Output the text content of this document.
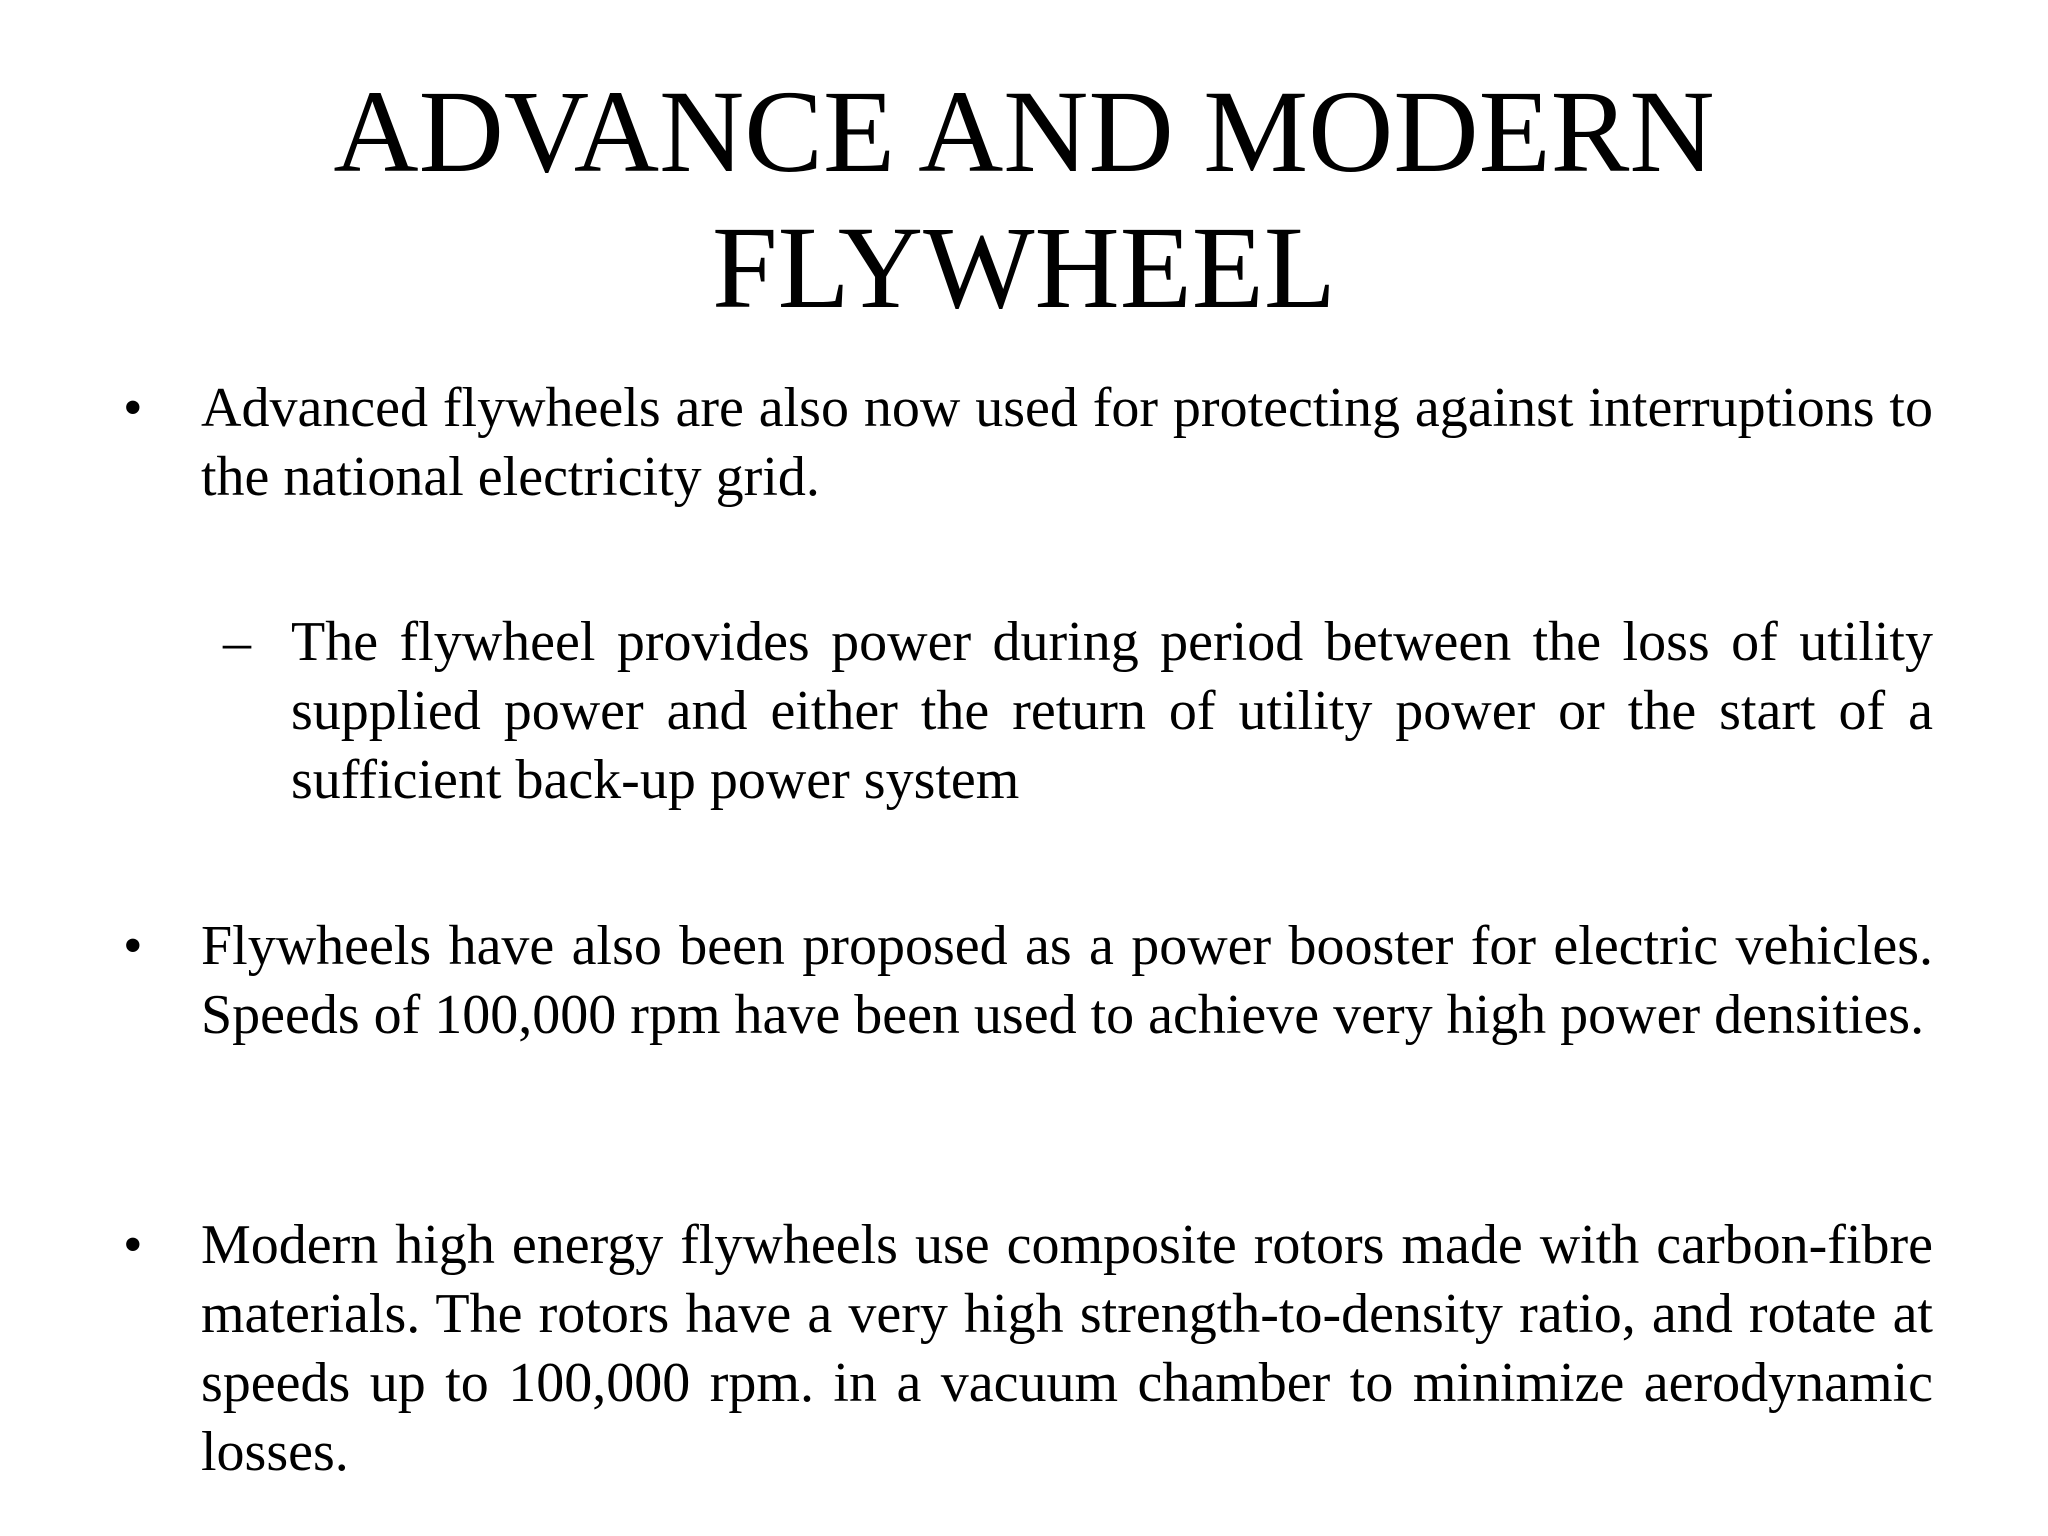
ADVANCE AND MODERN
FLYWHEEL
• Advanced flywheels are also now used for protecting against interruptions to the national electricity grid.
– The flywheel provides power during period between the loss of utility supplied power and either the return of utility power or the start of a sufficient back-up power system
• Flywheels have also been proposed as a power booster for electric vehicles. Speeds of 100,000 rpm have been used to achieve very high power densities.
• Modern high energy flywheels use composite rotors made with carbon-fibre materials. The rotors have a very high strength-to-density ratio, and rotate at speeds up to 100,000 rpm. in a vacuum chamber to minimize aerodynamic losses.
